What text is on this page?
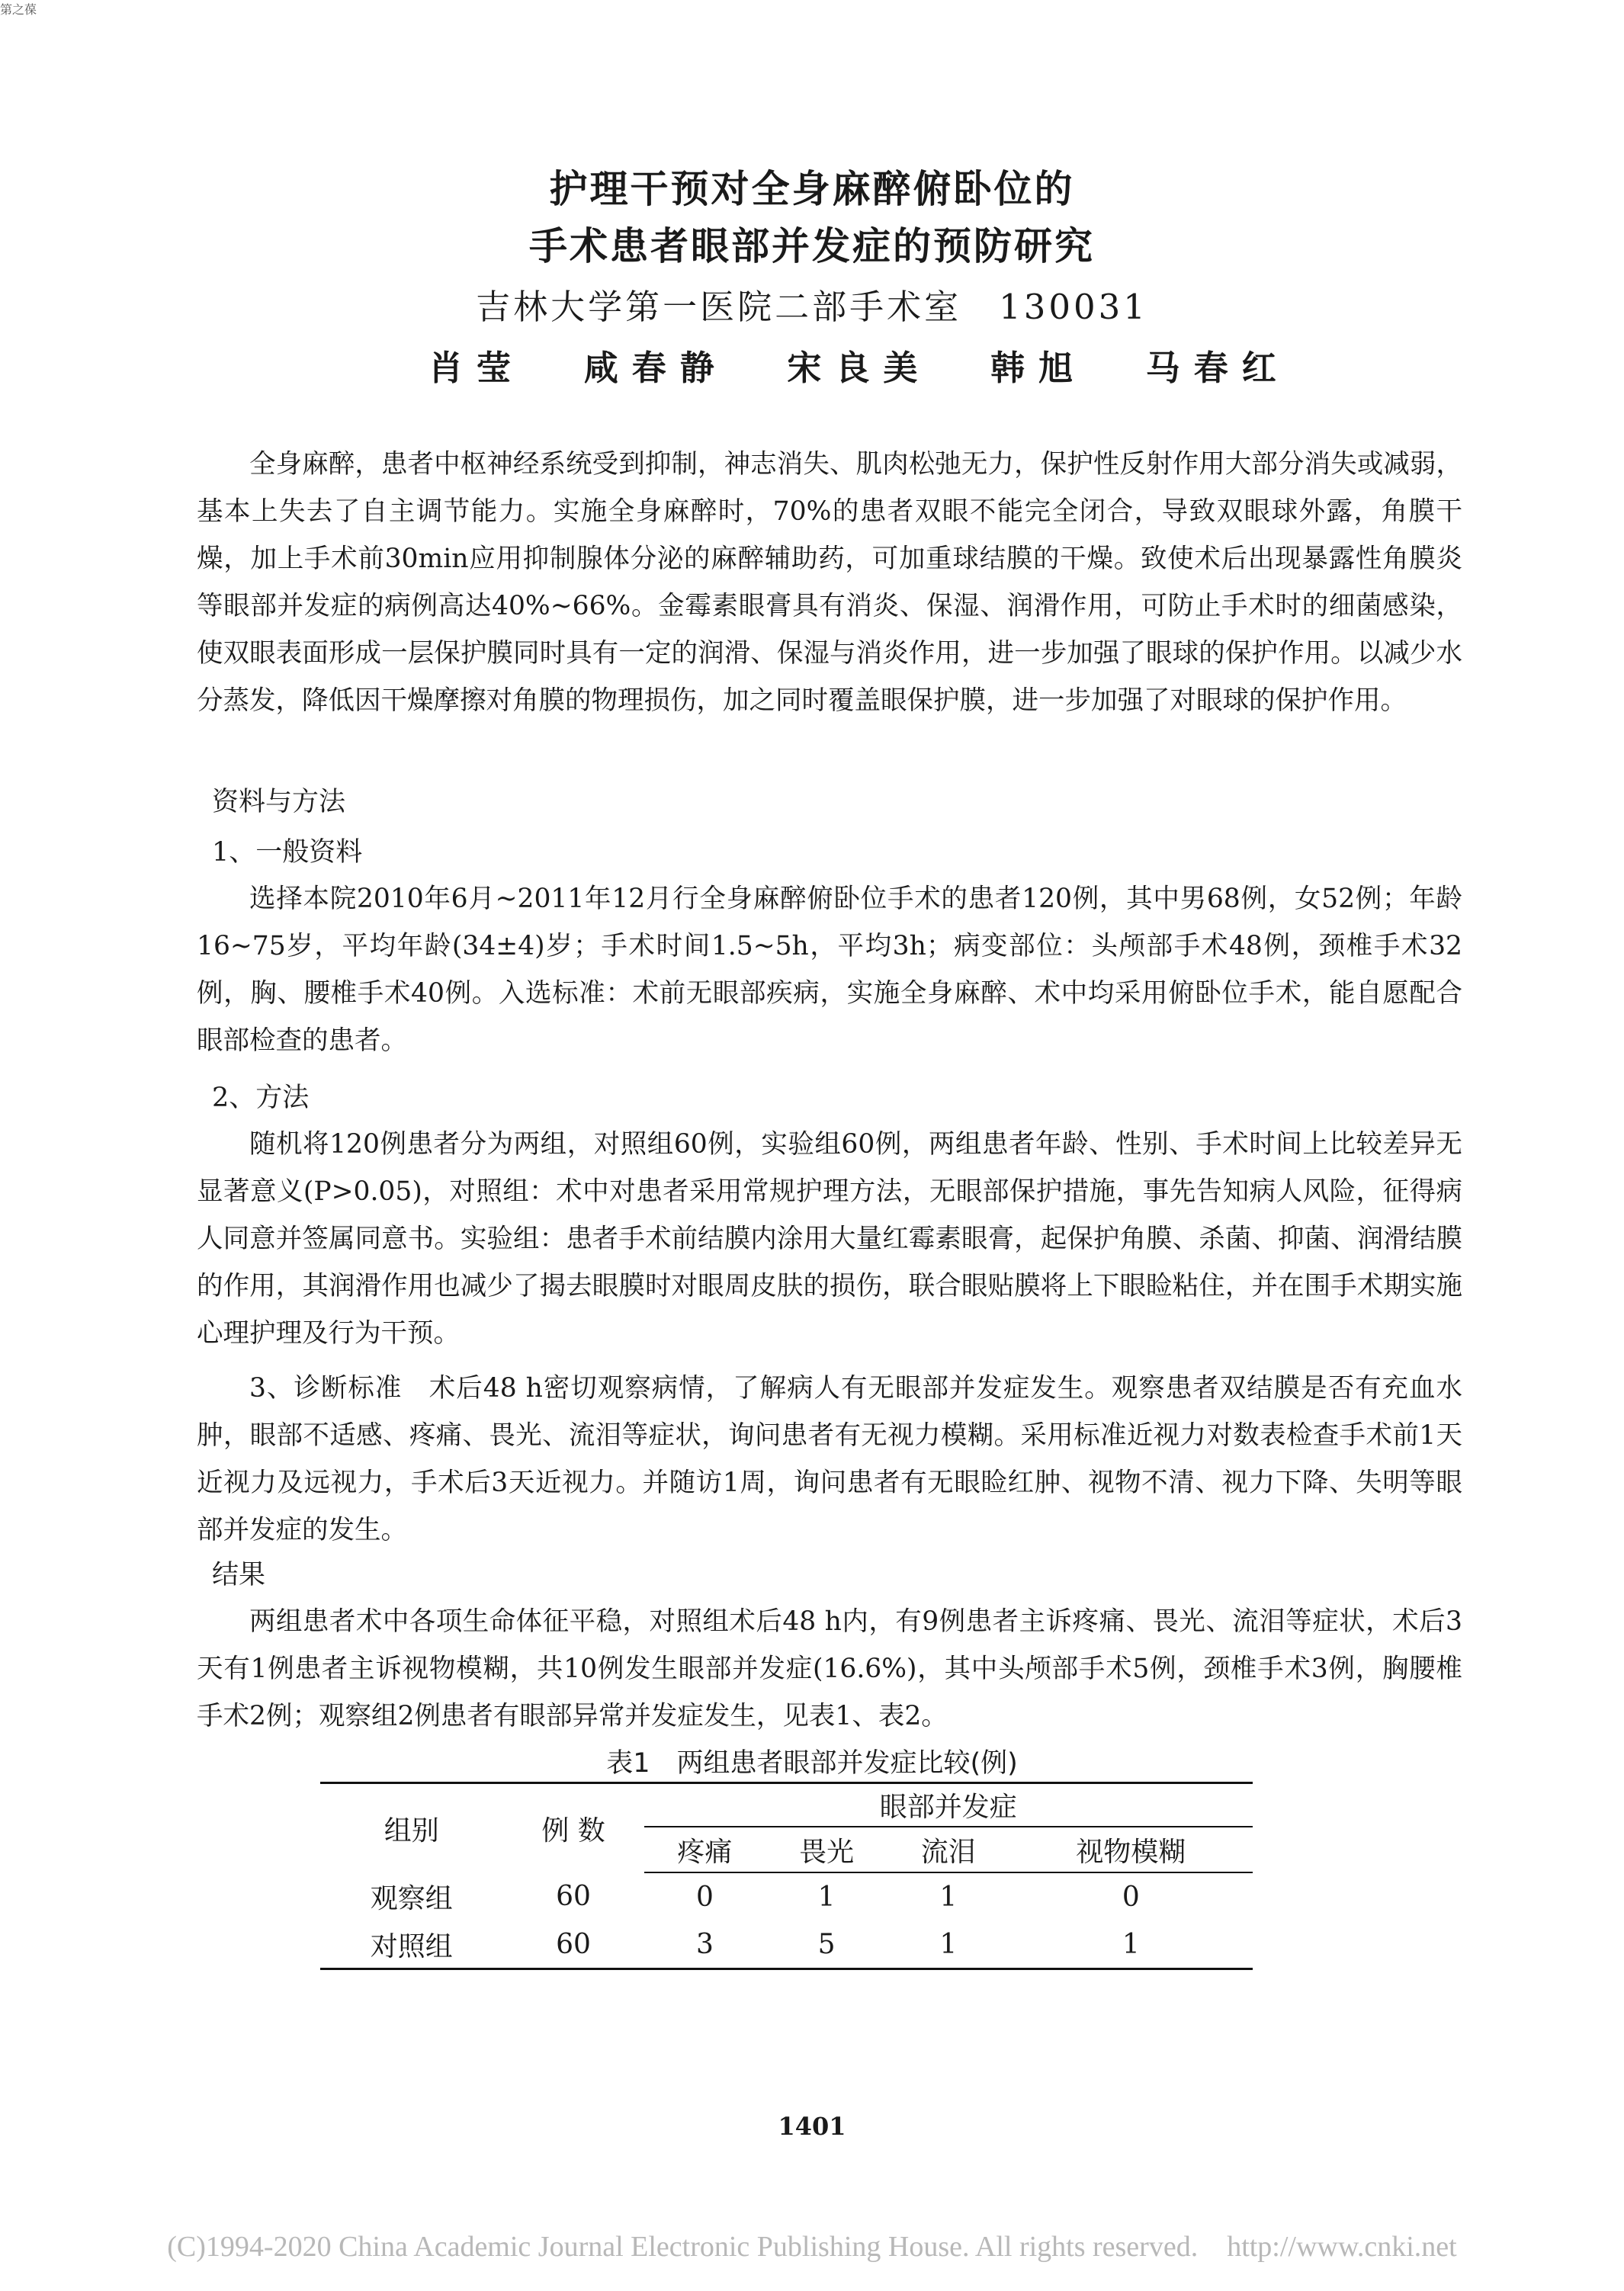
第之葆
护理干预对全身麻醉俯卧位的
手术患者眼部并发症的预防研究
吉林大学第一医院二部手术室　130031
肖莹 咸春静 宋良美 韩旭 马春红
全身麻醉，患者中枢神经系统受到抑制，神志消失、肌肉松弛无力，保护性反射作用大部分消失或减弱，基本上失去了自主调节能力。实施全身麻醉时，70%的患者双眼不能完全闭合，导致双眼球外露，角膜干燥，加上手术前30min应用抑制腺体分泌的麻醉辅助药，可加重球结膜的干燥。致使术后出现暴露性角膜炎等眼部并发症的病例高达40%~66%。金霉素眼膏具有消炎、保湿、润滑作用，可防止手术时的细菌感染，使双眼表面形成一层保护膜同时具有一定的润滑、保湿与消炎作用，进一步加强了眼球的保护作用。以减少水分蒸发，降低因干燥摩擦对角膜的物理损伤，加之同时覆盖眼保护膜，进一步加强了对眼球的保护作用。
资料与方法
1、一般资料
选择本院2010年6月~2011年12月行全身麻醉俯卧位手术的患者120例，其中男68例，女52例；年龄16~75岁，平均年龄(34±4)岁；手术时间1.5~5h，平均3h；病变部位：头颅部手术48例，颈椎手术32例，胸、腰椎手术40例。入选标准：术前无眼部疾病，实施全身麻醉、术中均采用俯卧位手术，能自愿配合眼部检查的患者。
2、方法
随机将120例患者分为两组，对照组60例，实验组60例，两组患者年龄、性别、手术时间上比较差异无显著意义(P>0.05)，对照组：术中对患者采用常规护理方法，无眼部保护措施，事先告知病人风险，征得病人同意并签属同意书。实验组：患者手术前结膜内涂用大量红霉素眼膏，起保护角膜、杀菌、抑菌、润滑结膜的作用，其润滑作用也减少了揭去眼膜时对眼周皮肤的损伤，联合眼贴膜将上下眼睑粘住，并在围手术期实施心理护理及行为干预。
3、诊断标准　术后48 h密切观察病情，了解病人有无眼部并发症发生。观察患者双结膜是否有充血水肿，眼部不适感、疼痛、畏光、流泪等症状，询问患者有无视力模糊。采用标准近视力对数表检查手术前1天近视力及远视力，手术后3天近视力。并随访1周，询问患者有无眼睑红肿、视物不清、视力下降、失明等眼部并发症的发生。
结果
两组患者术中各项生命体征平稳，对照组术后48 h内，有9例患者主诉疼痛、畏光、流泪等症状，术后3天有1例患者主诉视物模糊，共10例发生眼部并发症(16.6%)，其中头颅部手术5例，颈椎手术3例，胸腰椎手术2例；观察组2例患者有眼部异常并发症发生，见表1、表2。
表1　两组患者眼部并发症比较(例)
组别	例 数	眼部并发症			
		疼痛	畏光	流泪	视物模糊
观察组	60	0	1	1	0
对照组	60	3	5	1	1
1401
(C)1994-2020 China Academic Journal Electronic Publishing House. All rights reserved.　http://www.cnki.net
